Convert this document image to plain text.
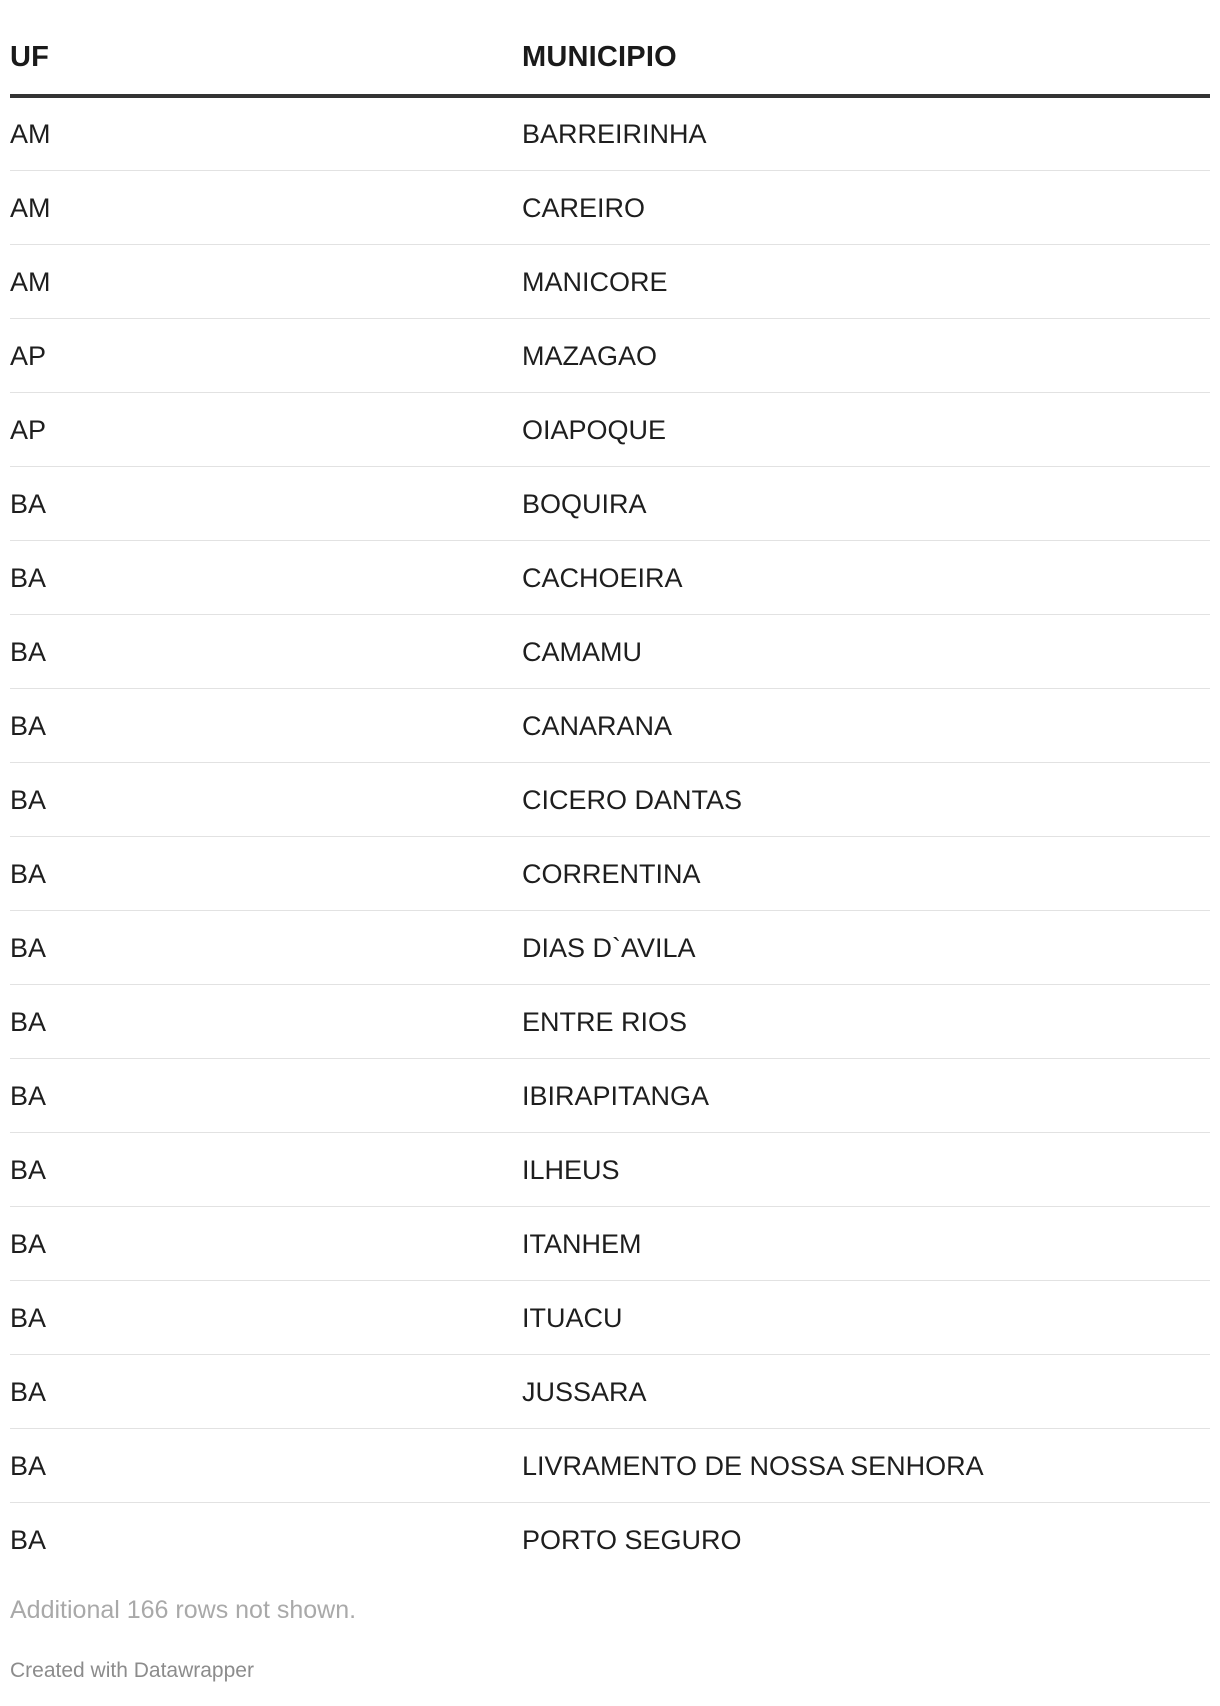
UF	MUNICIPIO
AM	BARREIRINHA
AM	CAREIRO
AM	MANICORE
AP	MAZAGAO
AP	OIAPOQUE
BA	BOQUIRA
BA	CACHOEIRA
BA	CAMAMU
BA	CANARANA
BA	CICERO DANTAS
BA	CORRENTINA
BA	DIAS D`AVILA
BA	ENTRE RIOS
BA	IBIRAPITANGA
BA	ILHEUS
BA	ITANHEM
BA	ITUACU
BA	JUSSARA
BA	LIVRAMENTO DE NOSSA SENHORA
BA	PORTO SEGURO
Additional 166 rows not shown.
Created with Datawrapper
